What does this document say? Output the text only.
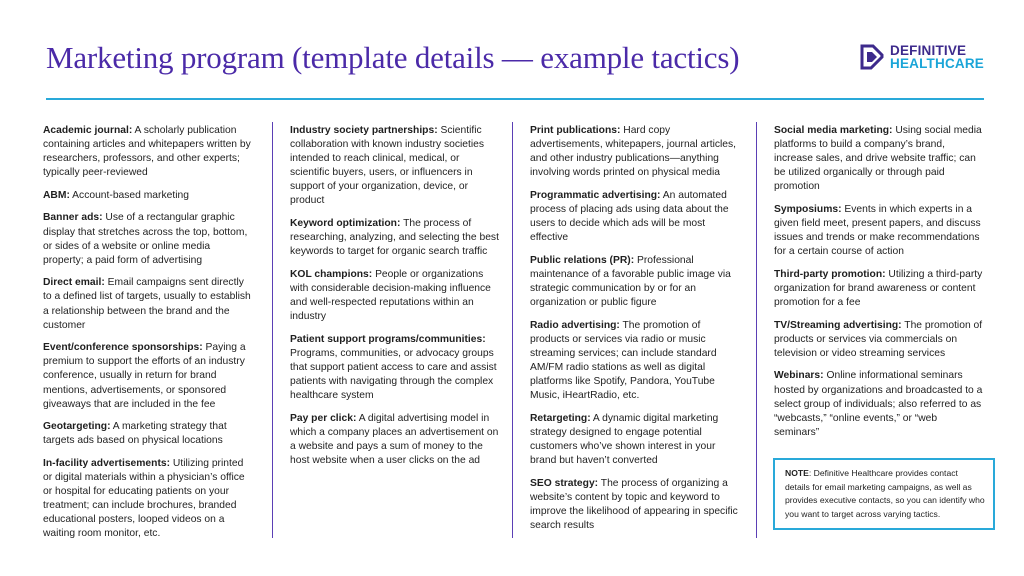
Marketing program (template details — example tactics)	DEFINITIVE
HEALTHCARE

Academic journal: A scholarly publication containing articles and whitepapers written by researchers, professors, and other experts; typically peer-reviewed

ABM: Account-based marketing

Banner ads: Use of a rectangular graphic display that stretches across the top, bottom, or sides of a website or online media property; a paid form of advertising

Direct email: Email campaigns sent directly to a defined list of targets, usually to establish a relationship between the brand and the customer

Event/conference sponsorships: Paying a premium to support the efforts of an industry conference, usually in return for brand mentions, advertisements, or sponsored giveaways that are included in the fee

Geotargeting: A marketing strategy that targets ads based on physical locations

In-facility advertisements: Utilizing printed or digital materials within a physician’s office or hospital for educating patients on your treatment; can include brochures, branded educational posters, looped videos on a waiting room monitor, etc.

Industry society partnerships: Scientific collaboration with known industry societies intended to reach clinical, medical, or scientific buyers, users, or influencers in support of your organization, device, or product

Keyword optimization: The process of researching, analyzing, and selecting the best keywords to target for organic search traffic

KOL champions: People or organizations with considerable decision-making influence and well-respected reputations within an industry

Patient support programs/communities: Programs, communities, or advocacy groups that support patient access to care and assist patients with navigating through the complex healthcare system

Pay per click: A digital advertising model in which a company places an advertisement on a website and pays a sum of money to the host website when a user clicks on the ad

Print publications: Hard copy advertisements, whitepapers, journal articles, and other industry publications—anything involving words printed on physical media

Programmatic advertising: An automated process of placing ads using data about the users to decide which ads will be most effective

Public relations (PR): Professional maintenance of a favorable public image via strategic communication by or for an organization or public figure

Radio advertising: The promotion of products or services via radio or music streaming services; can include standard AM/FM radio stations as well as digital platforms like Spotify, Pandora, YouTube Music, iHeartRadio, etc.

Retargeting: A dynamic digital marketing strategy designed to engage potential customers who’ve shown interest in your brand but haven’t converted

SEO strategy: The process of organizing a website’s content by topic and keyword to improve the likelihood of appearing in specific search results

Social media marketing: Using social media platforms to build a company’s brand, increase sales, and drive website traffic; can be utilized organically or through paid promotion

Symposiums: Events in which experts in a given field meet, present papers, and discuss issues and trends or make recommendations for a certain course of action

Third-party promotion: Utilizing a third-party organization for brand awareness or content promotion for a fee

TV/Streaming advertising: The promotion of products or services via commercials on television or video streaming services

Webinars: Online informational seminars hosted by organizations and broadcasted to a select group of individuals; also referred to as “webcasts,” “online events,” or “web seminars”

NOTE: Definitive Healthcare provides contact details for email marketing campaigns, as well as provides executive contacts, so you can identify who you want to target across varying tactics.
